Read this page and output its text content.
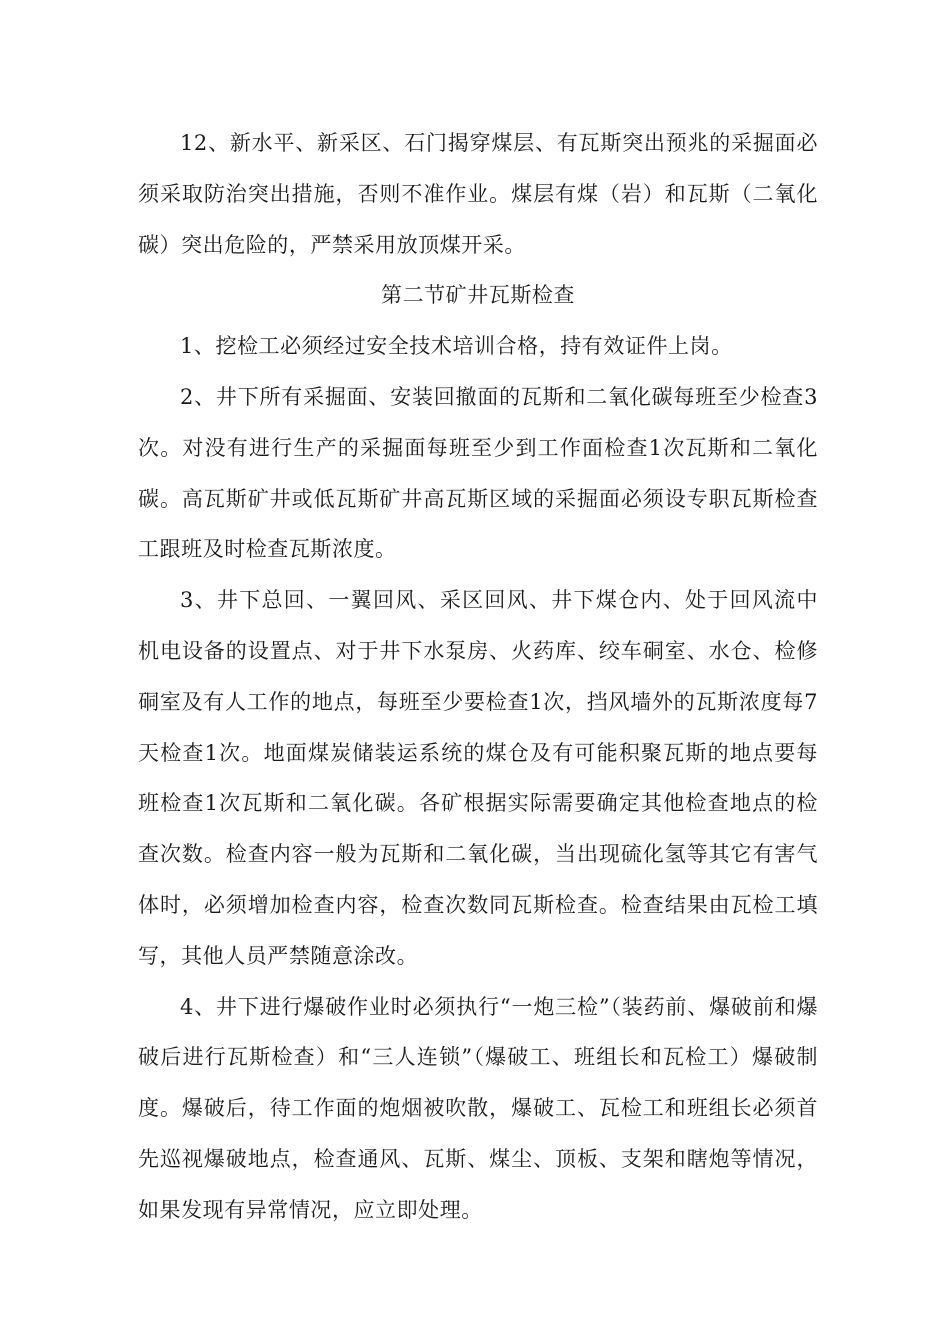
12、新水平、新采区、石门揭穿煤层、有瓦斯突出预兆的采掘面必须采取防治突出措施，否则不准作业。煤层有煤（岩）和瓦斯（二氧化碳）突出危险的，严禁采用放顶煤开采。

第二节矿井瓦斯检查

1、挖检工必须经过安全技术培训合格，持有效证件上岗。

2、井下所有采掘面、安装回撤面的瓦斯和二氧化碳每班至少检查3次。对没有进行生产的采掘面每班至少到工作面检查1次瓦斯和二氧化碳。高瓦斯矿井或低瓦斯矿井高瓦斯区域的采掘面必须设专职瓦斯检查工跟班及时检查瓦斯浓度。

3、井下总回、一翼回风、采区回风、井下煤仓内、处于回风流中机电设备的设置点、对于井下水泵房、火药库、绞车硐室、水仓、检修硐室及有人工作的地点，每班至少要检查1次，挡风墙外的瓦斯浓度每7天检查1次。地面煤炭储装运系统的煤仓及有可能积聚瓦斯的地点要每班检查1次瓦斯和二氧化碳。各矿根据实际需要确定其他检查地点的检查次数。检查内容一般为瓦斯和二氧化碳，当出现硫化氢等其它有害气体时，必须增加检查内容，检查次数同瓦斯检查。检查结果由瓦检工填写，其他人员严禁随意涂改。

4、井下进行爆破作业时必须执行“一炮三检”（装药前、爆破前和爆破后进行瓦斯检查）和“三人连锁”（爆破工、班组长和瓦检工）爆破制度。爆破后，待工作面的炮烟被吹散，爆破工、瓦检工和班组长必须首先巡视爆破地点，检查通风、瓦斯、煤尘、顶板、支架和瞎炮等情况，如果发现有异常情况，应立即处理。
